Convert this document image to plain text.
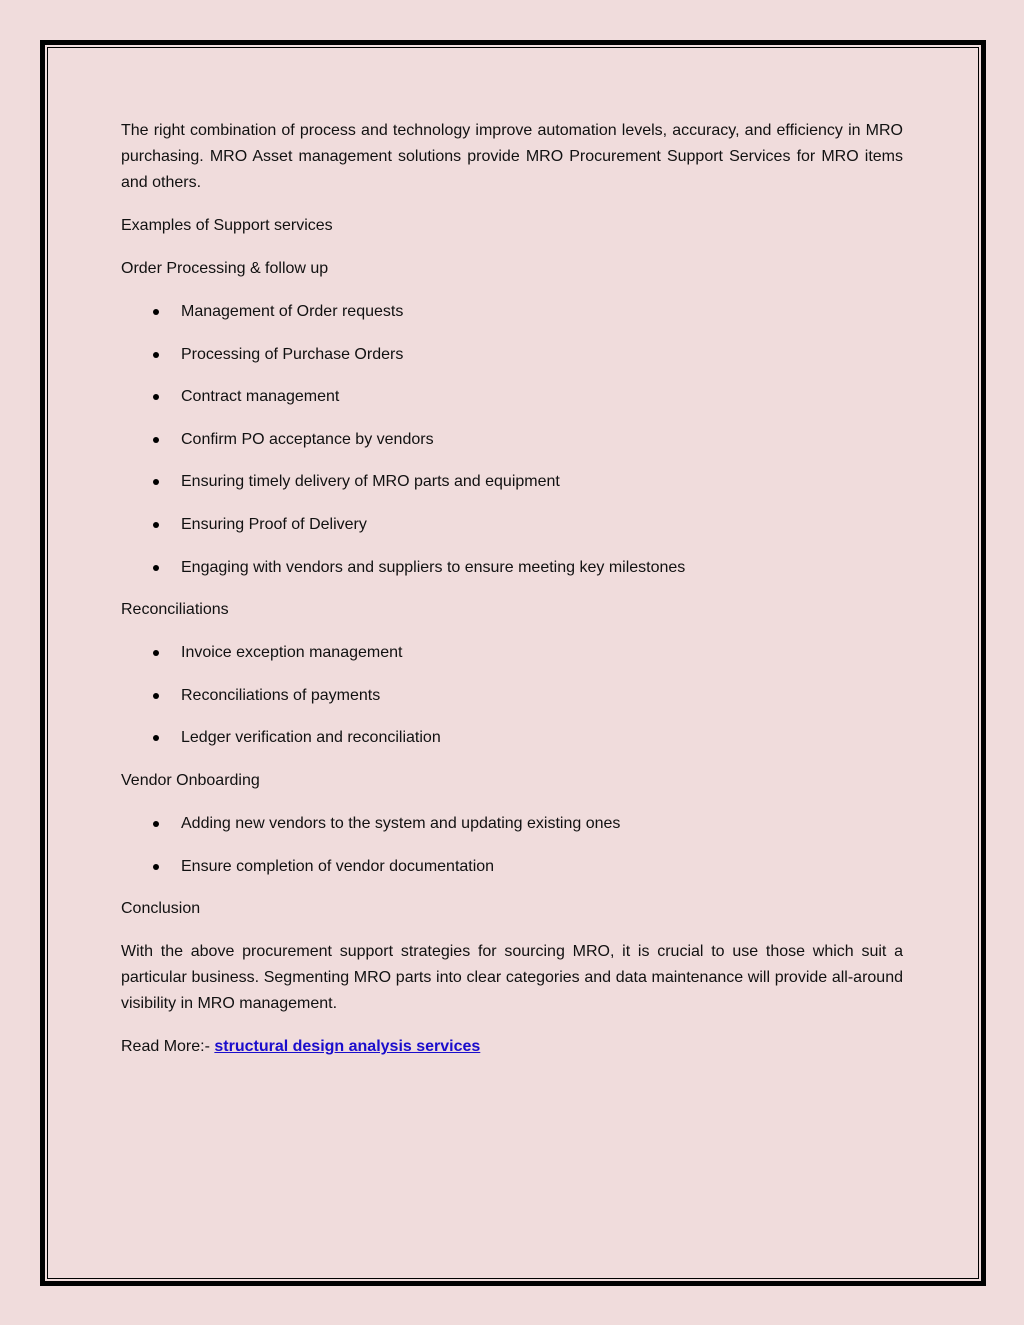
The right combination of process and technology improve automation levels, accuracy, and efficiency in MRO purchasing. MRO Asset management solutions provide MRO Procurement Support Services for MRO items and others.

Examples of Support services

Order Processing & follow up

Management of Order requests
Processing of Purchase Orders
Contract management
Confirm PO acceptance by vendors
Ensuring timely delivery of MRO parts and equipment
Ensuring Proof of Delivery
Engaging with vendors and suppliers to ensure meeting key milestones

Reconciliations

Invoice exception management
Reconciliations of payments
Ledger verification and reconciliation

Vendor Onboarding

Adding new vendors to the system and updating existing ones
Ensure completion of vendor documentation

Conclusion

With the above procurement support strategies for sourcing MRO, it is crucial to use those which suit a particular business. Segmenting MRO parts into clear categories and data maintenance will provide all-around visibility in MRO management.

Read More:- structural design analysis services
